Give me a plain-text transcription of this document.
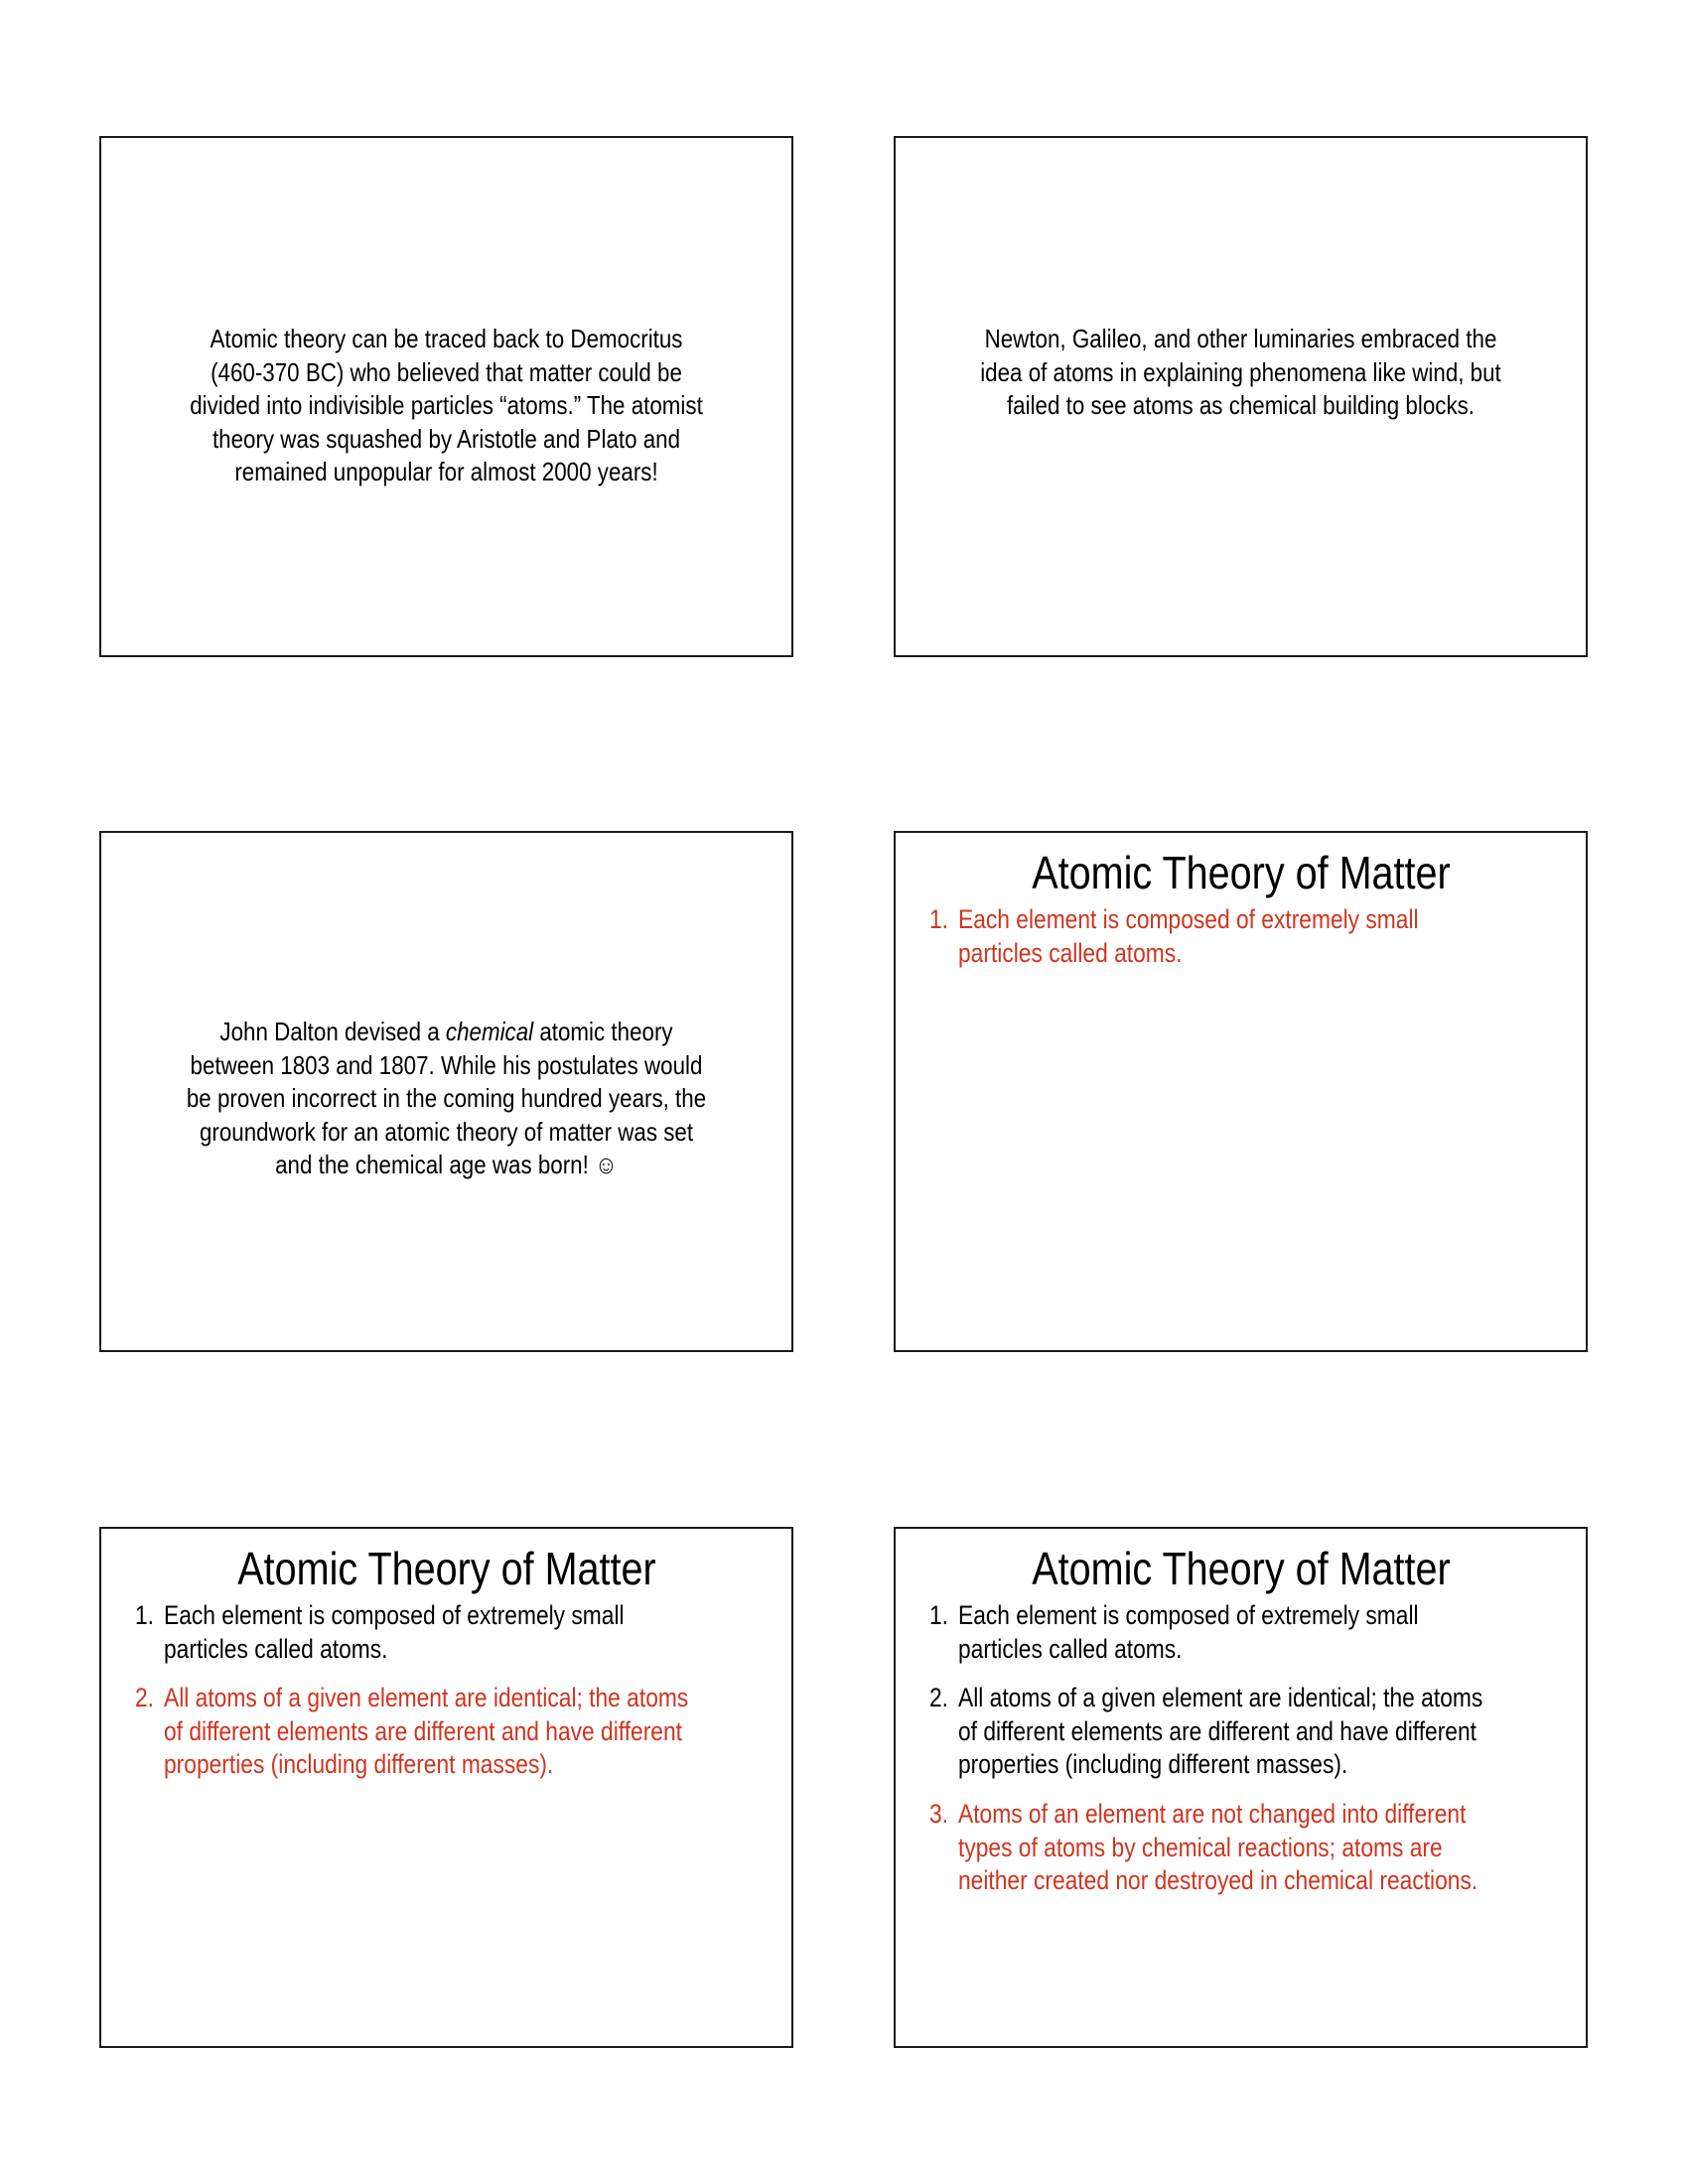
Atomic theory can be traced back to Democritus
(460-370 BC) who believed that matter could be
divided into indivisible particles “atoms.” The atomist
theory was squashed by Aristotle and Plato and
remained unpopular for almost 2000 years!
Newton, Galileo, and other luminaries embraced the
idea of atoms in explaining phenomena like wind, but
failed to see atoms as chemical building blocks.
John Dalton devised a chemical atomic theory
between 1803 and 1807. While his postulates would
be proven incorrect in the coming hundred years, the
groundwork for an atomic theory of matter was set
and the chemical age was born! ☺
Atomic Theory of Matter
1. Each element is composed of extremely small
particles called atoms.
Atomic Theory of Matter
1. Each element is composed of extremely small
particles called atoms.
2. All atoms of a given element are identical; the atoms
of different elements are different and have different
properties (including different masses).
Atomic Theory of Matter
1. Each element is composed of extremely small
particles called atoms.
2. All atoms of a given element are identical; the atoms
of different elements are different and have different
properties (including different masses).
3. Atoms of an element are not changed into different
types of atoms by chemical reactions; atoms are
neither created nor destroyed in chemical reactions.
